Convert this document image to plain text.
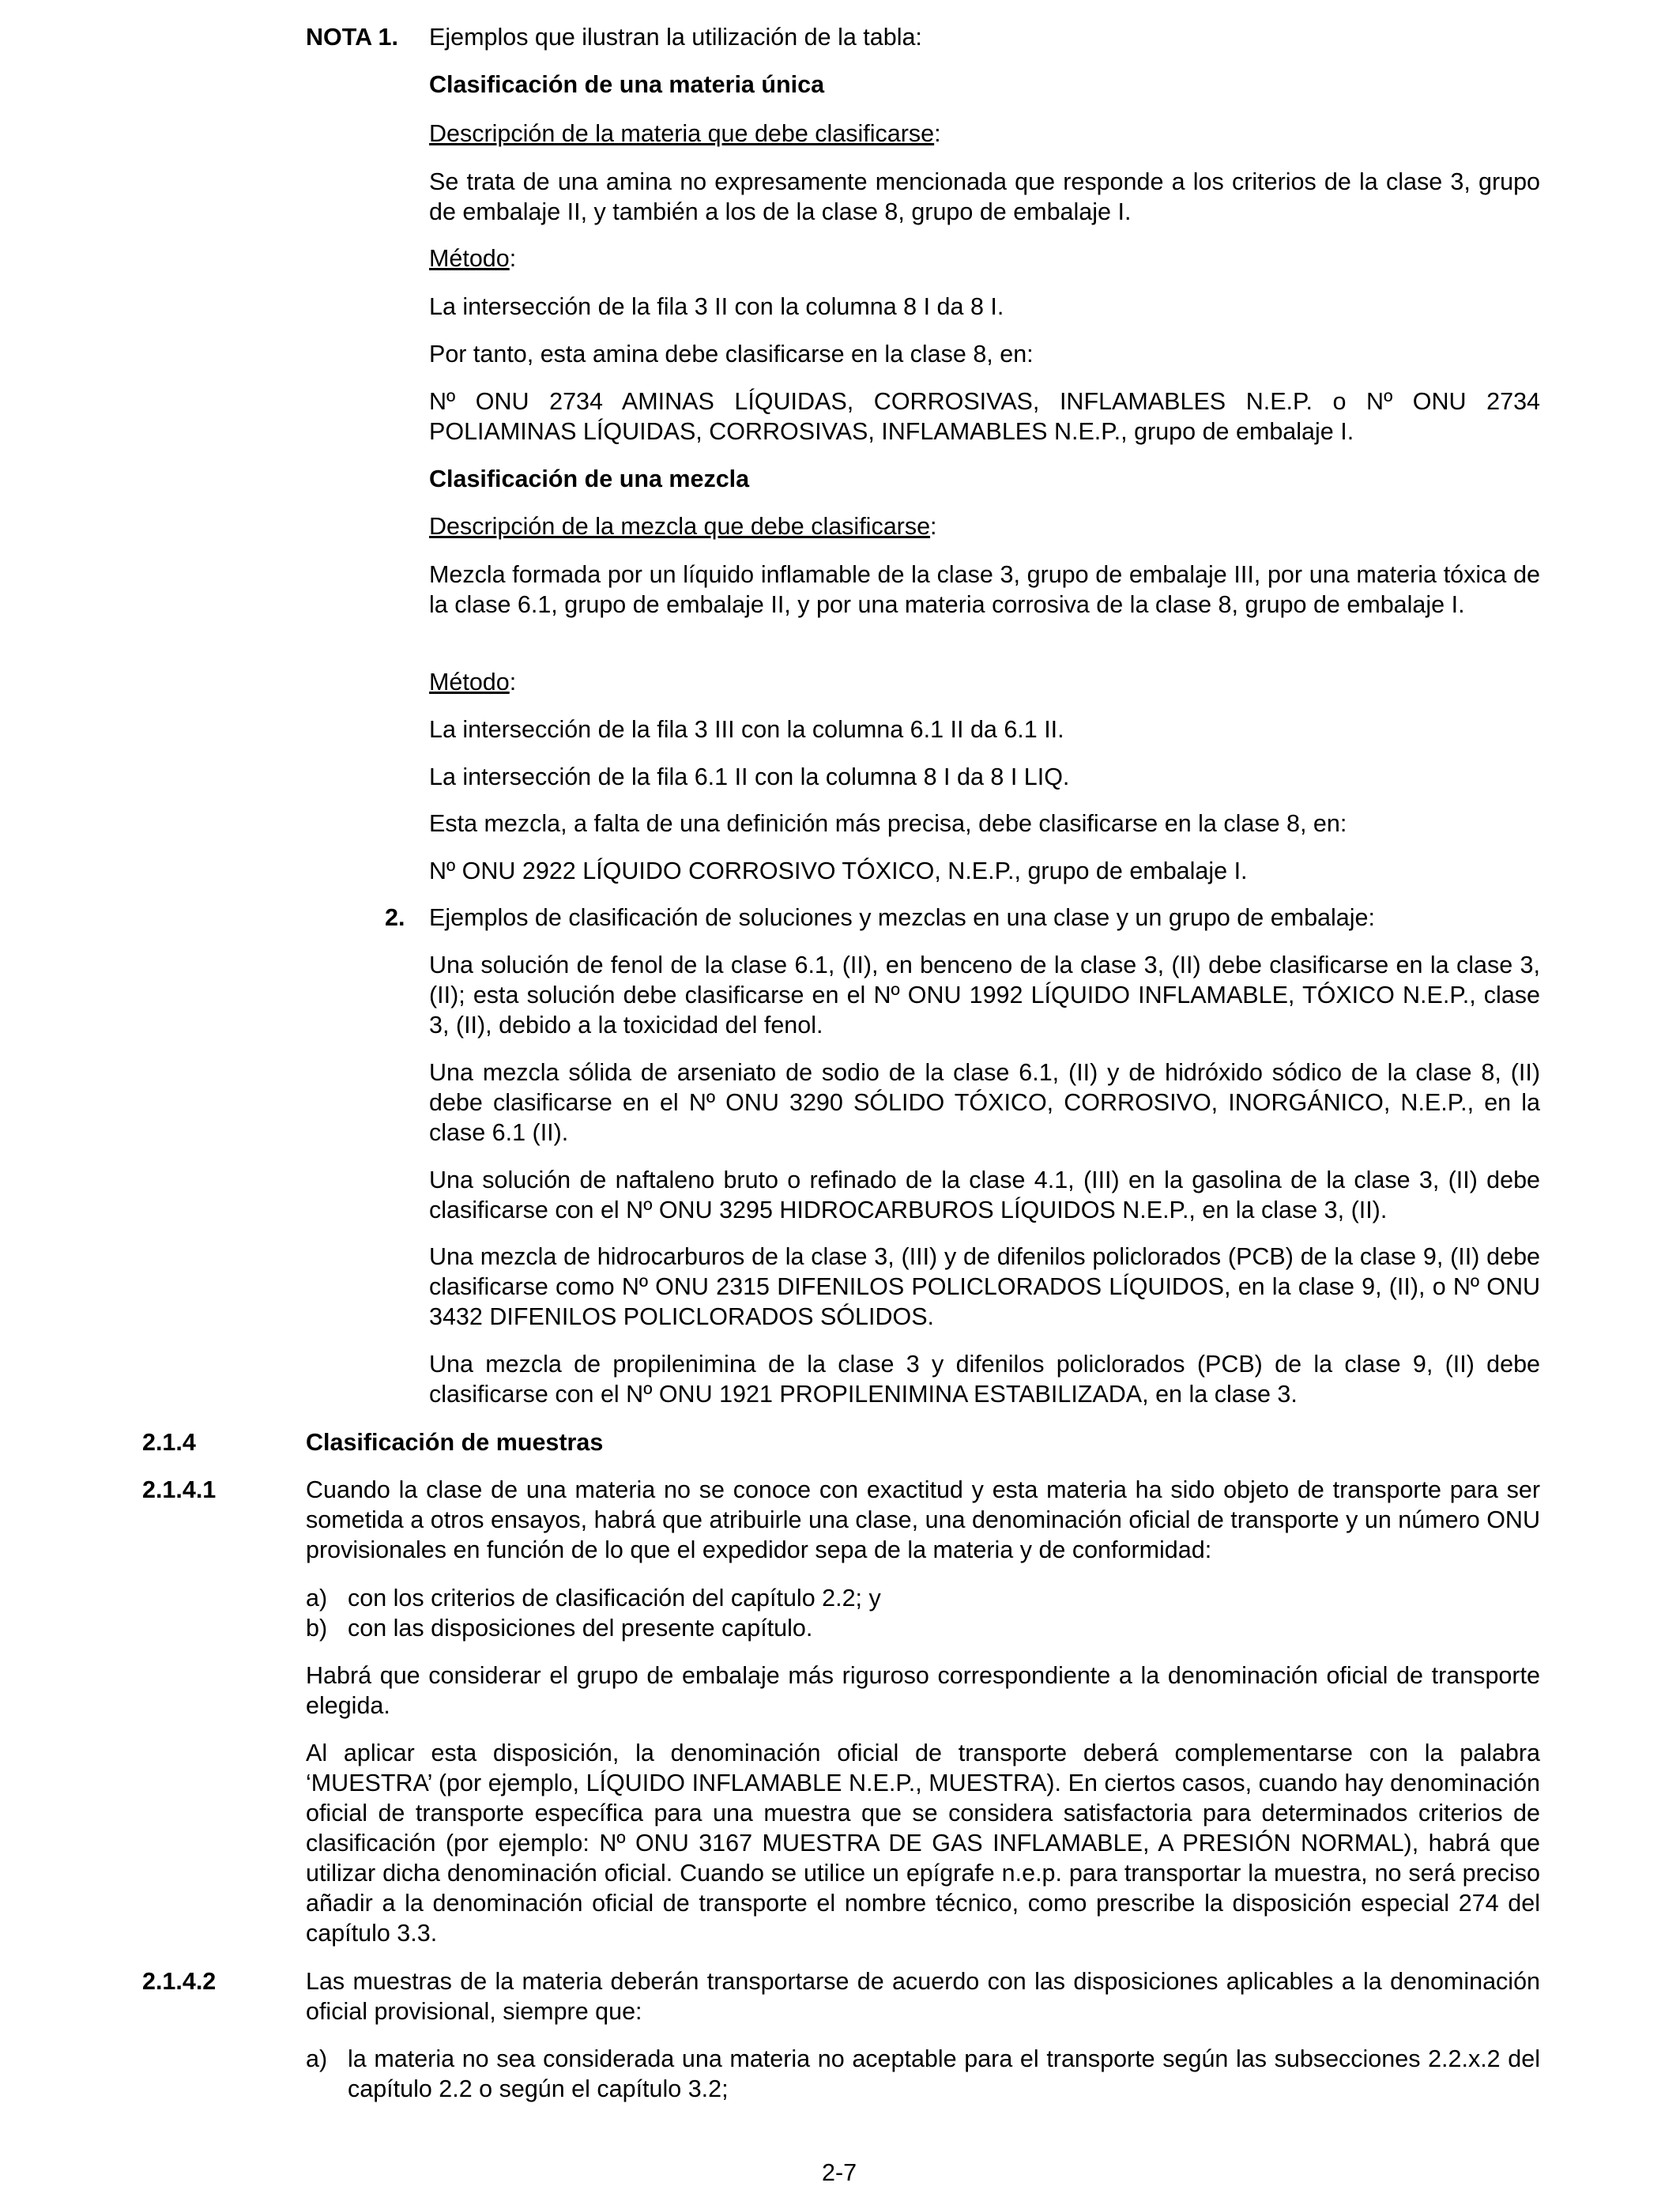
NOTA 1. Ejemplos que ilustran la utilización de la tabla:
Clasificación de una materia única
Descripción de la materia que debe clasificarse:
Se trata de una amina no expresamente mencionada que responde a los criterios de la clase 3, grupo de embalaje II, y también a los de la clase 8, grupo de embalaje I.
Método:
La intersección de la fila 3 II con la columna 8 I da 8 I.
Por tanto, esta amina debe clasificarse en la clase 8, en:
Nº ONU 2734 AMINAS LÍQUIDAS, CORROSIVAS, INFLAMABLES N.E.P. o Nº ONU 2734 POLIAMINAS LÍQUIDAS, CORROSIVAS, INFLAMABLES N.E.P., grupo de embalaje I.
Clasificación de una mezcla
Descripción de la mezcla que debe clasificarse:
Mezcla formada por un líquido inflamable de la clase 3, grupo de embalaje III, por una materia tóxica de la clase 6.1, grupo de embalaje II, y por una materia corrosiva de la clase 8, grupo de embalaje I.
Método:
La intersección de la fila 3 III con la columna 6.1 II da 6.1 II.
La intersección de la fila 6.1 II con la columna 8 I da 8 I LIQ.
Esta mezcla, a falta de una definición más precisa, debe clasificarse en la clase 8, en:
Nº ONU 2922 LÍQUIDO CORROSIVO TÓXICO, N.E.P., grupo de embalaje I.
2. Ejemplos de clasificación de soluciones y mezclas en una clase y un grupo de embalaje:
Una solución de fenol de la clase 6.1, (II), en benceno de la clase 3, (II) debe clasificarse en la clase 3, (II); esta solución debe clasificarse en el Nº ONU 1992 LÍQUIDO INFLAMABLE, TÓXICO N.E.P., clase 3, (II), debido a la toxicidad del fenol.
Una mezcla sólida de arseniato de sodio de la clase 6.1, (II) y de hidróxido sódico de la clase 8, (II) debe clasificarse en el Nº ONU 3290 SÓLIDO TÓXICO, CORROSIVO, INORGÁNICO, N.E.P., en la clase 6.1 (II).
Una solución de naftaleno bruto o refinado de la clase 4.1, (III) en la gasolina de la clase 3, (II) debe clasificarse con el Nº ONU 3295 HIDROCARBUROS LÍQUIDOS N.E.P., en la clase 3, (II).
Una mezcla de hidrocarburos de la clase 3, (III) y de difenilos policlorados (PCB) de la clase 9, (II) debe clasificarse como Nº ONU 2315 DIFENILOS POLICLORADOS LÍQUIDOS, en la clase 9, (II), o Nº ONU 3432 DIFENILOS POLICLORADOS SÓLIDOS.
Una mezcla de propilenimina de la clase 3 y difenilos policlorados (PCB) de la clase 9, (II) debe clasificarse con el Nº ONU 1921 PROPILENIMINA ESTABILIZADA, en la clase 3.
2.1.4	Clasificación de muestras
2.1.4.1	Cuando la clase de una materia no se conoce con exactitud y esta materia ha sido objeto de transporte para ser sometida a otros ensayos, habrá que atribuirle una clase, una denominación oficial de transporte y un número ONU provisionales en función de lo que el expedidor sepa de la materia y de conformidad:
a) con los criterios de clasificación del capítulo 2.2; y
b) con las disposiciones del presente capítulo.
Habrá que considerar el grupo de embalaje más riguroso correspondiente a la denominación oficial de transporte elegida.
Al aplicar esta disposición, la denominación oficial de transporte deberá complementarse con la palabra ‘MUESTRA’ (por ejemplo, LÍQUIDO INFLAMABLE N.E.P., MUESTRA). En ciertos casos, cuando hay denominación oficial de transporte específica para una muestra que se considera satisfactoria para determinados criterios de clasificación (por ejemplo: Nº ONU 3167 MUESTRA DE GAS INFLAMABLE, A PRESIÓN NORMAL), habrá que utilizar dicha denominación oficial. Cuando se utilice un epígrafe n.e.p. para transportar la muestra, no será preciso añadir a la denominación oficial de transporte el nombre técnico, como prescribe la disposición especial 274 del capítulo 3.3.
2.1.4.2	Las muestras de la materia deberán transportarse de acuerdo con las disposiciones aplicables a la denominación oficial provisional, siempre que:
a) la materia no sea considerada una materia no aceptable para el transporte según las subsecciones 2.2.x.2 del capítulo 2.2 o según el capítulo 3.2;
2-7
